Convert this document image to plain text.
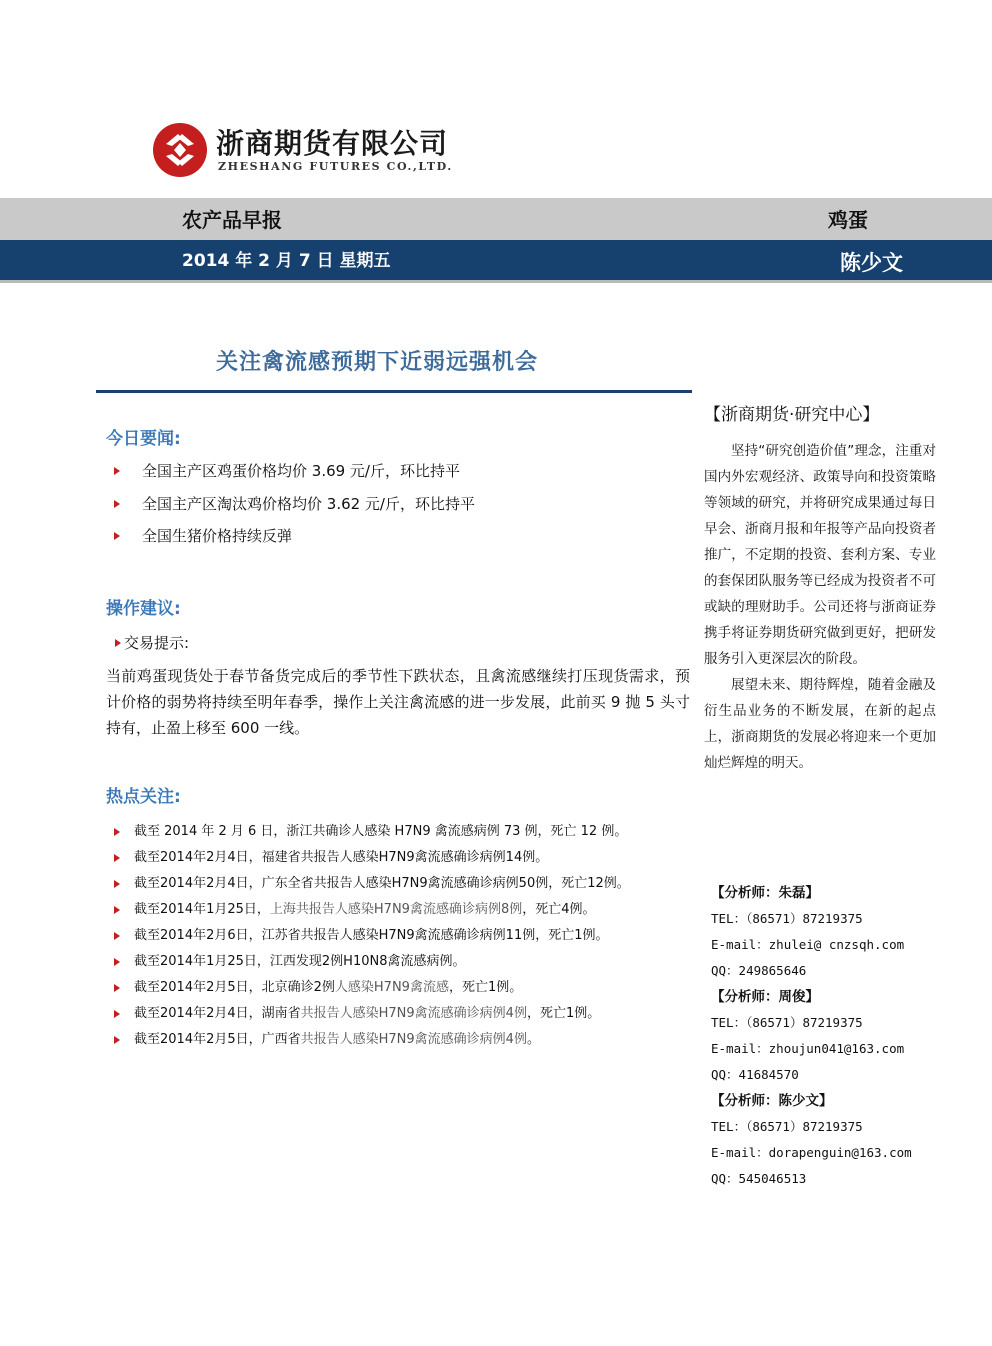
浙商期货有限公司
ZHESHANG FUTURES CO.,LTD.
农产品早报	鸡蛋
2014 年 2 月 7 日 星期五	陈少文
关注禽流感预期下近弱远强机会
今日要闻:
全国主产区鸡蛋价格均价 3.69 元/斤，环比持平
全国主产区淘汰鸡价格均价 3.62 元/斤，环比持平
全国生猪价格持续反弹
操作建议:
交易提示:
当前鸡蛋现货处于春节备货完成后的季节性下跌状态，且禽流感继续打压现货需求，预计价格的弱势将持续至明年春季，操作上关注禽流感的进一步发展，此前买 9 抛 5 头寸持有，止盈上移至 600 一线。
热点关注:
截至 2014 年 2 月 6 日，浙江共确诊人感染 H7N9 禽流感病例 73 例，死亡 12 例。
截至2014年2月4日，福建省共报告人感染H7N9禽流感确诊病例14例。
截至2014年2月4日，广东全省共报告人感染H7N9禽流感确诊病例50例，死亡12例。
截至2014年1月25日，上海共报告人感染H7N9禽流感确诊病例8例，死亡4例。
截至2014年2月6日，江苏省共报告人感染H7N9禽流感确诊病例11例，死亡1例。
截至2014年1月25日，江西发现2例H10N8禽流感病例。
截至2014年2月5日，北京确诊2例人感染H7N9禽流感，死亡1例。
截至2014年2月4日，湖南省共报告人感染H7N9禽流感确诊病例4例，死亡1例。
截至2014年2月5日，广西省共报告人感染H7N9禽流感确诊病例4例。
【浙商期货·研究中心】

坚持“研究创造价值”理念，注重对国内外宏观经济、政策导向和投资策略等领域的研究，并将研究成果通过每日早会、浙商月报和年报等产品向投资者推广，不定期的投资、套利方案、专业的套保团队服务等已经成为投资者不可或缺的理财助手。公司还将与浙商证券携手将证券期货研究做到更好，把研发服务引入更深层次的阶段。

展望未来、期待辉煌，随着金融及衍生品业务的不断发展，在新的起点上，浙商期货的发展必将迎来一个更加灿烂辉煌的明天。

【分析师：朱磊】
TEL：（86571）87219375
E-mail：zhulei@ cnzsqh.com
QQ：249865646
【分析师：周俊】
TEL：（86571）87219375
E-mail：zhoujun041@163.com
QQ：41684570
【分析师：陈少文】
TEL：（86571）87219375
E-mail：dorapenguin@163.com
QQ：545046513
